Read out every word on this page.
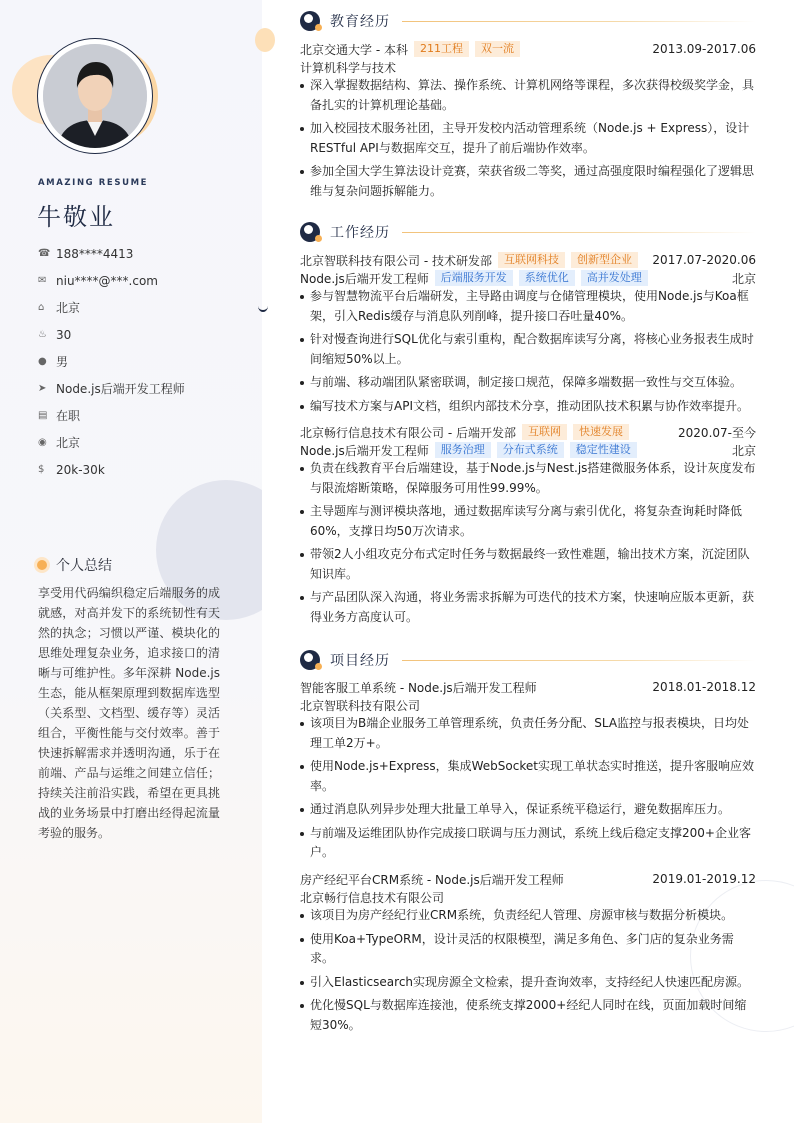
AMAZING RESUME
牛敬业
☎ 188****4413
✉ niu****@***.com
⌂ 北京
♨ 30
● 男
➤ Node.js后端开发工程师
▤ 在职
◉ 北京
$ 20k-30k
个人总结
享受用代码编织稳定后端服务的成就感，对高并发下的系统韧性有天然的执念；习惯以严谨、模块化的思维处理复杂业务，追求接口的清晰与可维护性。多年深耕 Node.js 生态，能从框架原理到数据库选型（关系型、文档型、缓存等）灵活组合，平衡性能与交付效率。善于快速拆解需求并透明沟通，乐于在前端、产品与运维之间建立信任；持续关注前沿实践，希望在更具挑战的业务场景中打磨出经得起流量考验的服务。
教育经历
北京交通大学 - 本科	211工程	双一流	2013.09-2017.06
计算机科学与技术
深入掌握数据结构、算法、操作系统、计算机网络等课程，多次获得校级奖学金，具备扎实的计算机理论基础。
加入校园技术服务社团，主导开发校内活动管理系统（Node.js + Express），设计RESTful API与数据库交互，提升了前后端协作效率。
参加全国大学生算法设计竞赛，荣获省级二等奖，通过高强度限时编程强化了逻辑思维与复杂问题拆解能力。
工作经历
北京智联科技有限公司 - 技术研发部	互联网科技	创新型企业	2017.07-2020.06
Node.js后端开发工程师	后端服务开发	系统优化	高并发处理	北京
参与智慧物流平台后端研发，主导路由调度与仓储管理模块，使用Node.js与Koa框架，引入Redis缓存与消息队列削峰，提升接口吞吐量40%。
针对慢查询进行SQL优化与索引重构，配合数据库读写分离，将核心业务报表生成时间缩短50%以上。
与前端、移动端团队紧密联调，制定接口规范，保障多端数据一致性与交互体验。
编写技术方案与API文档，组织内部技术分享，推动团队技术积累与协作效率提升。
北京畅行信息技术有限公司 - 后端开发部	互联网	快速发展	2020.07-至今
Node.js后端开发工程师	服务治理	分布式系统	稳定性建设	北京
负责在线教育平台后端建设，基于Node.js与Nest.js搭建微服务体系，设计灰度发布与限流熔断策略，保障服务可用性99.99%。
主导题库与测评模块落地，通过数据库读写分离与索引优化，将复杂查询耗时降低60%，支撑日均50万次请求。
带领2人小组攻克分布式定时任务与数据最终一致性难题，输出技术方案，沉淀团队知识库。
与产品团队深入沟通，将业务需求拆解为可迭代的技术方案，快速响应版本更新，获得业务方高度认可。
项目经历
智能客服工单系统 - Node.js后端开发工程师	2018.01-2018.12
北京智联科技有限公司
该项目为B端企业服务工单管理系统，负责任务分配、SLA监控与报表模块，日均处理工单2万+。
使用Node.js+Express，集成WebSocket实现工单状态实时推送，提升客服响应效率。
通过消息队列异步处理大批量工单导入，保证系统平稳运行，避免数据库压力。
与前端及运维团队协作完成接口联调与压力测试，系统上线后稳定支撑200+企业客户。
房产经纪平台CRM系统 - Node.js后端开发工程师	2019.01-2019.12
北京畅行信息技术有限公司
该项目为房产经纪行业CRM系统，负责经纪人管理、房源审核与数据分析模块。
使用Koa+TypeORM，设计灵活的权限模型，满足多角色、多门店的复杂业务需求。
引入Elasticsearch实现房源全文检索，提升查询效率，支持经纪人快速匹配房源。
优化慢SQL与数据库连接池，使系统支撑2000+经纪人同时在线，页面加载时间缩短30%。
